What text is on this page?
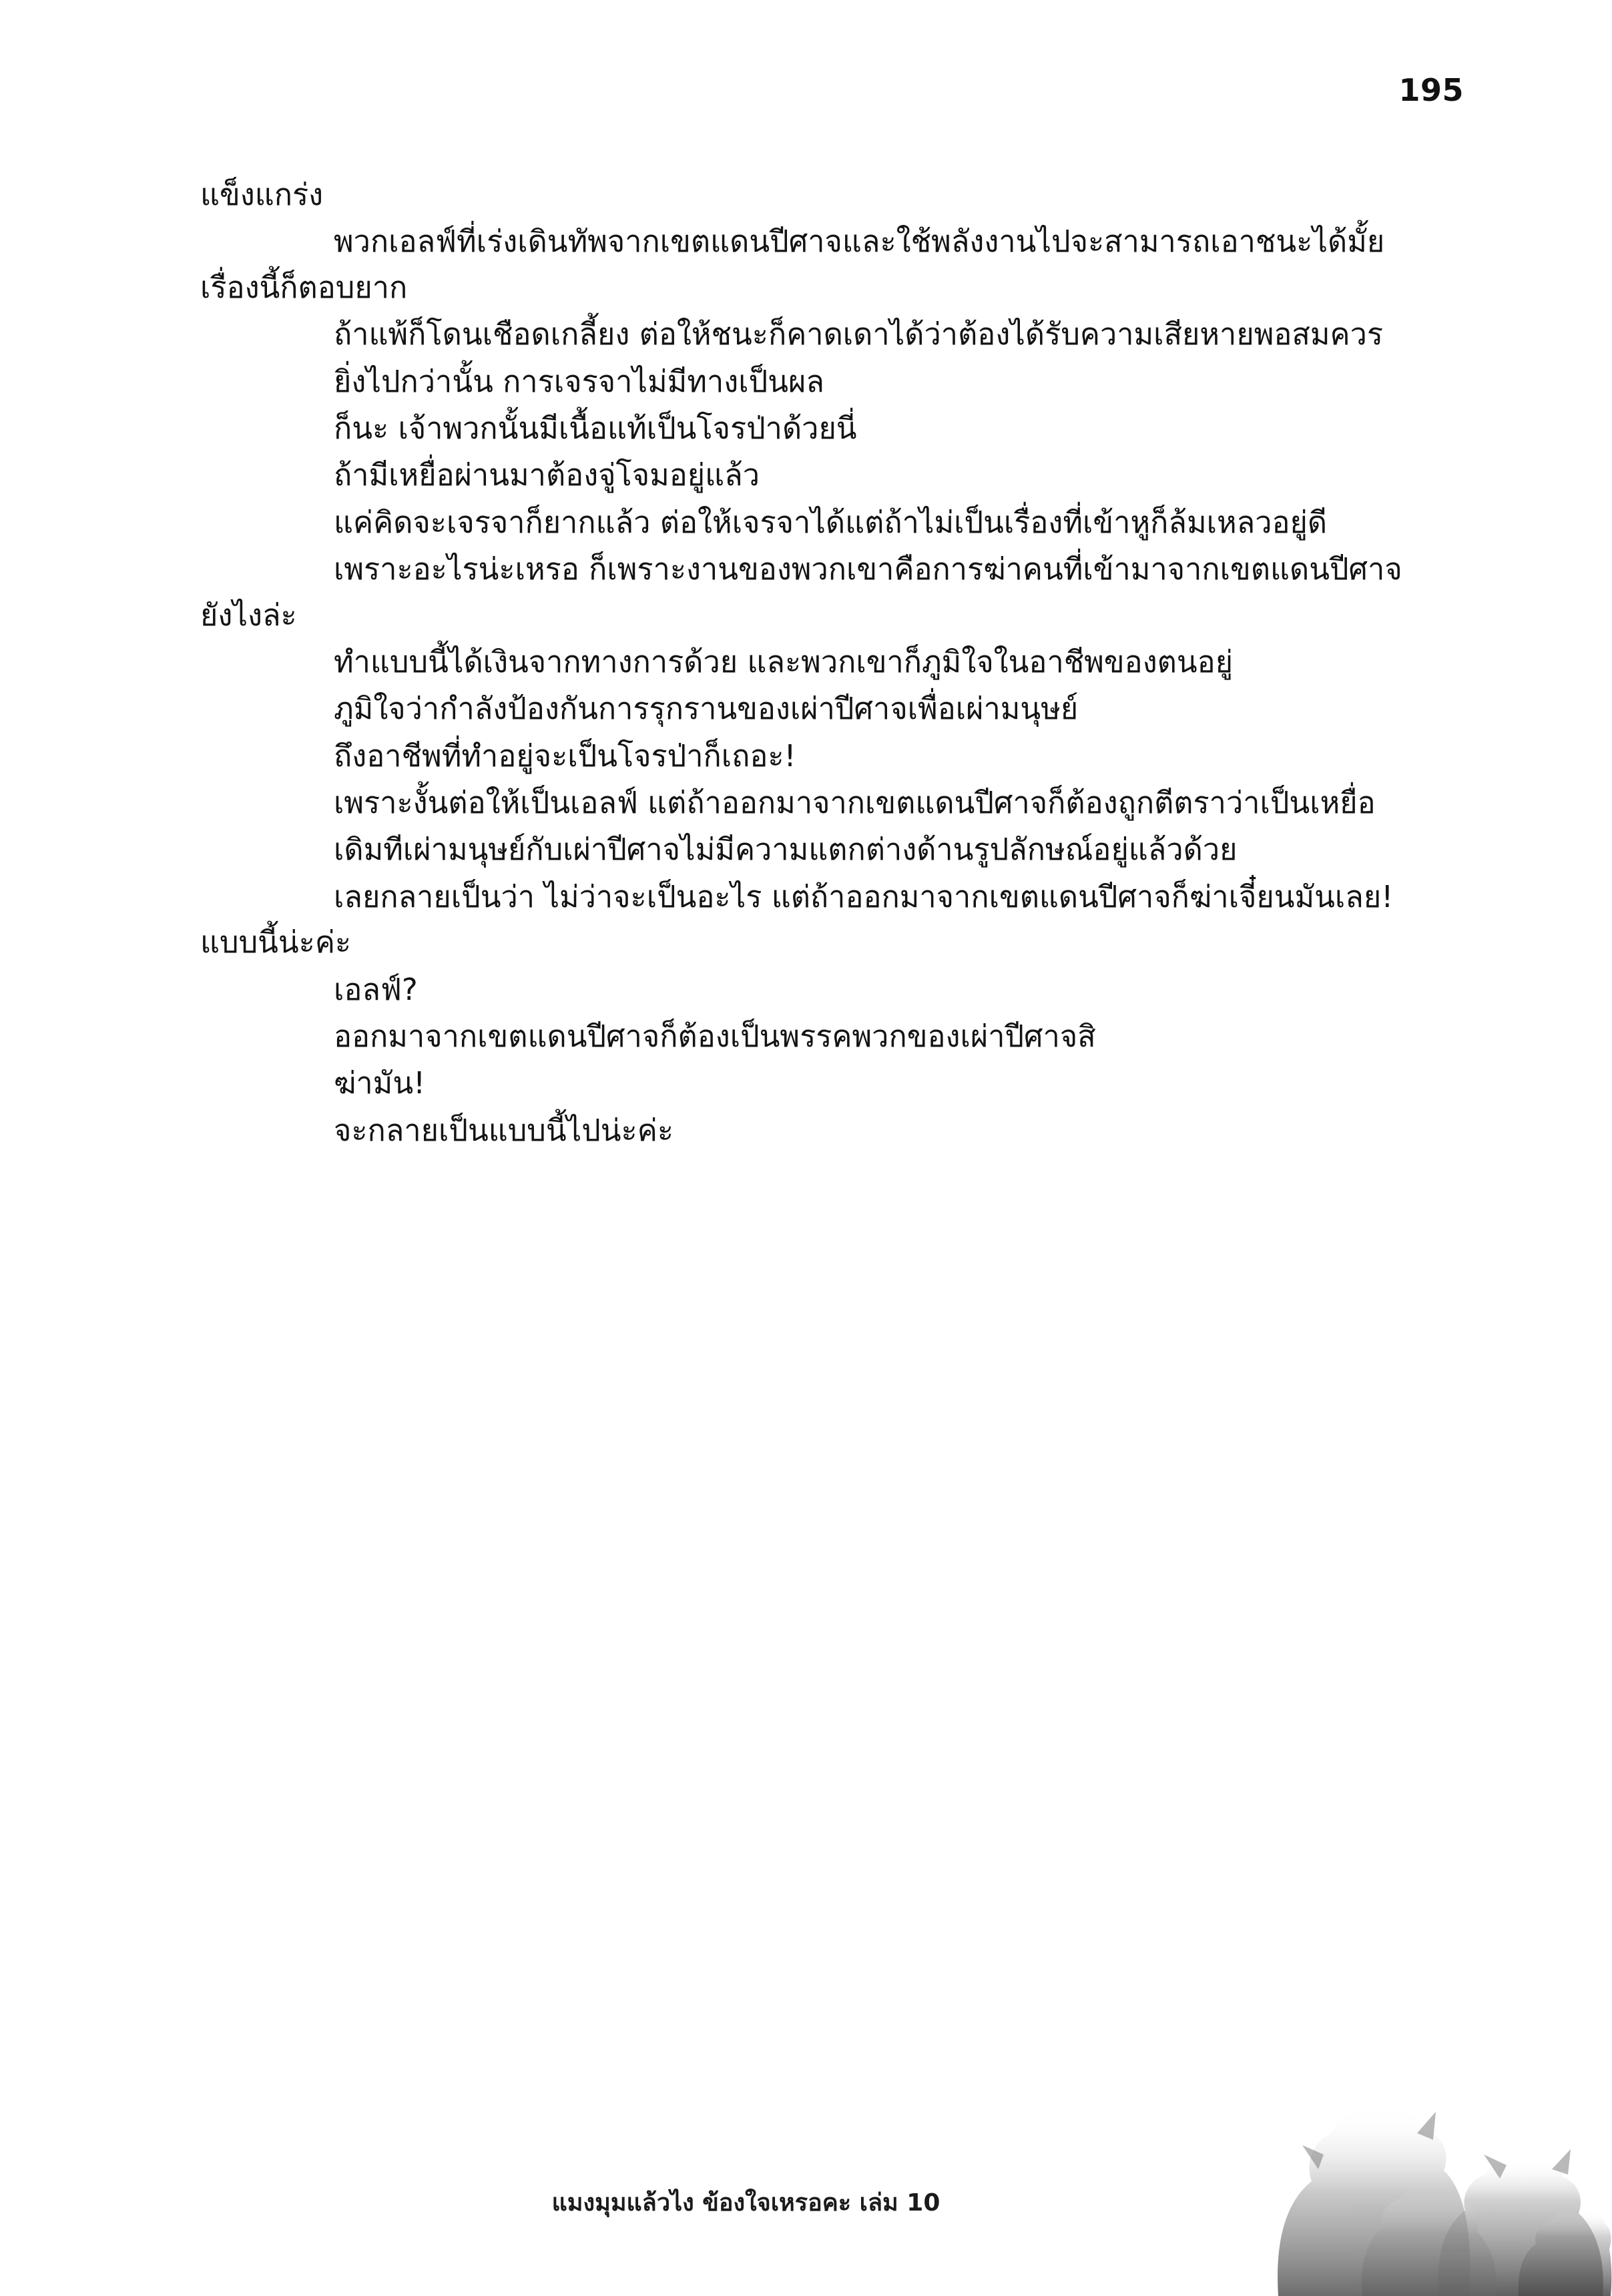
195

แข็งแกร่ง

พวกเอลฟ์ที่เร่งเดินทัพจากเขตแดนปีศาจและใช้พลังงานไปจะสามารถเอาชนะได้มั้ย เรื่องนี้ก็ตอบยาก

ถ้าแพ้ก็โดนเชือดเกลี้ยง ต่อให้ชนะก็คาดเดาได้ว่าต้องได้รับความเสียหายพอสมควร

ยิ่งไปกว่านั้น การเจรจาไม่มีทางเป็นผล

ก็นะ เจ้าพวกนั้นมีเนื้อแท้เป็นโจรป่าด้วยนี่

ถ้ามีเหยื่อผ่านมาต้องจู่โจมอยู่แล้ว

แค่คิดจะเจรจาก็ยากแล้ว ต่อให้เจรจาได้แต่ถ้าไม่เป็นเรื่องที่เข้าหูก็ล้มเหลวอยู่ดี

เพราะอะไรน่ะเหรอ ก็เพราะงานของพวกเขาคือการฆ่าคนที่เข้ามาจากเขตแดนปีศาจยังไงล่ะ

ทำแบบนี้ได้เงินจากทางการด้วย และพวกเขาก็ภูมิใจในอาชีพของตนอยู่

ภูมิใจว่ากำลังป้องกันการรุกรานของเผ่าปีศาจเพื่อเผ่ามนุษย์

ถึงอาชีพที่ทำอยู่จะเป็นโจรป่าก็เถอะ!

เพราะงั้นต่อให้เป็นเอลฟ์ แต่ถ้าออกมาจากเขตแดนปีศาจก็ต้องถูกตีตราว่าเป็นเหยื่อ

เดิมทีเผ่ามนุษย์กับเผ่าปีศาจไม่มีความแตกต่างด้านรูปลักษณ์อยู่แล้วด้วย

เลยกลายเป็นว่า ไม่ว่าจะเป็นอะไร แต่ถ้าออกมาจากเขตแดนปีศาจก็ฆ่าเจี๋ยนมันเลย! แบบนี้น่ะค่ะ

เอลฟ์?

ออกมาจากเขตแดนปีศาจก็ต้องเป็นพรรคพวกของเผ่าปีศาจสิ

ฆ่ามัน!

จะกลายเป็นแบบนี้ไปน่ะค่ะ

แมงมุมแล้วไง ข้องใจเหรอคะ เล่ม 10
